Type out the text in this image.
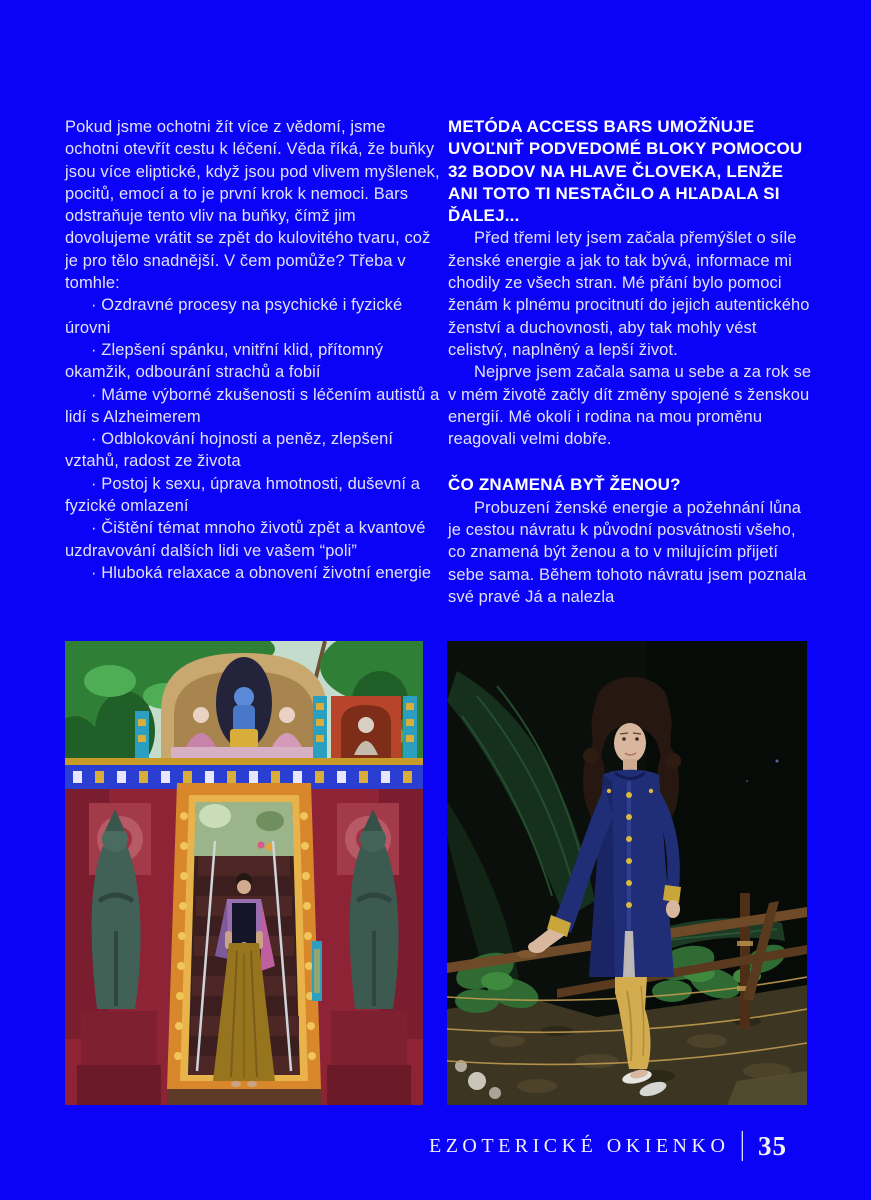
Pokud jsme ochotni žít více z vědomí, jsme ochotni otevřít cestu k léčení. Věda říká, že buňky jsou více eliptické, když jsou pod vlivem myšlenek, pocitů, emocí a to je první krok k nemoci. Bars odstraňuje tento vliv na buňky, čímž jim dovolujeme vrátit se zpět do kulovitého tvaru, což je pro tělo snadnější. V čem pomůže? Třeba v tomhle:

· Ozdravné procesy na psychické i fyzické úrovni

· Zlepšení spánku, vnitřní klid, přítomný okamžik, odbourání strachů a fobií

· Máme výborné zkušenosti s léčením autistů a lidí s Alzheimerem

· Odblokování hojnosti a peněz, zlepšení vztahů, radost ze života

· Postoj k sexu, úprava hmotnosti, duševní a fyzické omlazení

· Čištění témat mnoho životů zpět a kvantové uzdravování dalších lidi ve vašem “poli”

· Hluboká relaxace a obnovení životní energie

METÓDA ACCESS BARS UMOŽŇUJE UVOĽNIŤ PODVEDOMÉ BLOKY POMOCOU 32 BODOV NA HLAVE ČLOVEKA, LENŽE ANI TOTO TI NESTAČILO A HĽADALA SI ĎALEJ...

Před třemi lety jsem začala přemýšlet o síle ženské energie a jak to tak bývá, informace mi chodily ze všech stran. Mé přání bylo pomoci ženám k plnému procitnutí do jejich autentického ženství a duchovnosti, aby tak mohly vést celistvý, naplněný a lepší život.

Nejprve jsem začala sama u sebe a za rok se v mém životě začly dít změny spojené s ženskou energií. Mé okolí i rodina na mou proměnu reagovali velmi dobře.

ČO ZNAMENÁ BYŤ ŽENOU?

Probuzení ženské energie a požehnání lůna je cestou návratu k původní posvátnosti všeho, co znamená být ženou a to v milujícím přijetí sebe sama. Během tohoto návratu jsem poznala své pravé Já a nalezla

EZOTERICKÉ OKIENKO | 35
